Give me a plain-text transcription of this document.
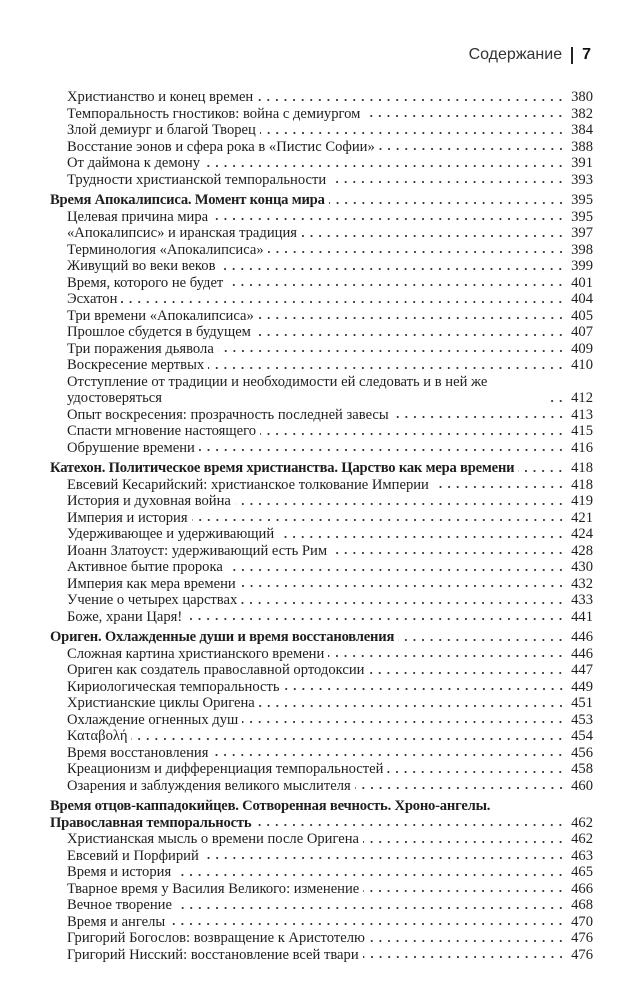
Содержание 7
Христианство и конец времен	380
Темпоральность гностиков: война с демиургом	382
Злой демиург и благой Творец	384
Восстание эонов и сфера рока в «Пистис Софии»	388
От даймона к демону	391
Трудности христианской темпоральности	393
Время Апокалипсиса. Момент конца мира	395
Целевая причина мира	395
«Апокалипсис» и иранская традиция	397
Терминология «Апокалипсиса»	398
Живущий во веки веков	399
Время, которого не будет	401
Эсхатон	404
Три времени «Апокалипсиса»	405
Прошлое сбудется в будущем	407
Три поражения дьявола	409
Воскресение мертвых	410
Отступление от традиции и необходимости ей следовать и в ней же удостоверяться	412
Опыт воскресения: прозрачность последней завесы	413
Спасти мгновение настоящего	415
Обрушение времени	416
Катехон. Политическое время христианства. Царство как мера времени	418
Евсевий Кесарийский: христианское толкование Империи	418
История и духовная война	419
Империя и история	421
Удерживающее и удерживающий	424
Иоанн Златоуст: удерживающий есть Рим	428
Активное бытие пророка	430
Империя как мера времени	432
Учение о четырех царствах	433
Боже, храни Царя!	441
Ориген. Охлажденные души и время восстановления	446
Сложная картина христианского времени	446
Ориген как создатель православной ортодоксии	447
Кириологическая темпоральность	449
Христианские циклы Оригена	451
Охлаждение огненных душ	453
Καταβολή	454
Время восстановления	456
Креационизм и дифференциация темпоральностей	458
Озарения и заблуждения великого мыслителя	460
Время отцов-каппадокийцев. Сотворенная вечность. Хроно-ангелы.
Православная темпоральность	462
Христианская мысль о времени после Оригена	462
Евсевий и Порфирий	463
Время и история	465
Тварное время у Василия Великого: изменение	466
Вечное творение	468
Время и ангелы	470
Григорий Богослов: возвращение к Аристотелю	476
Григорий Нисский: восстановление всей твари	476
